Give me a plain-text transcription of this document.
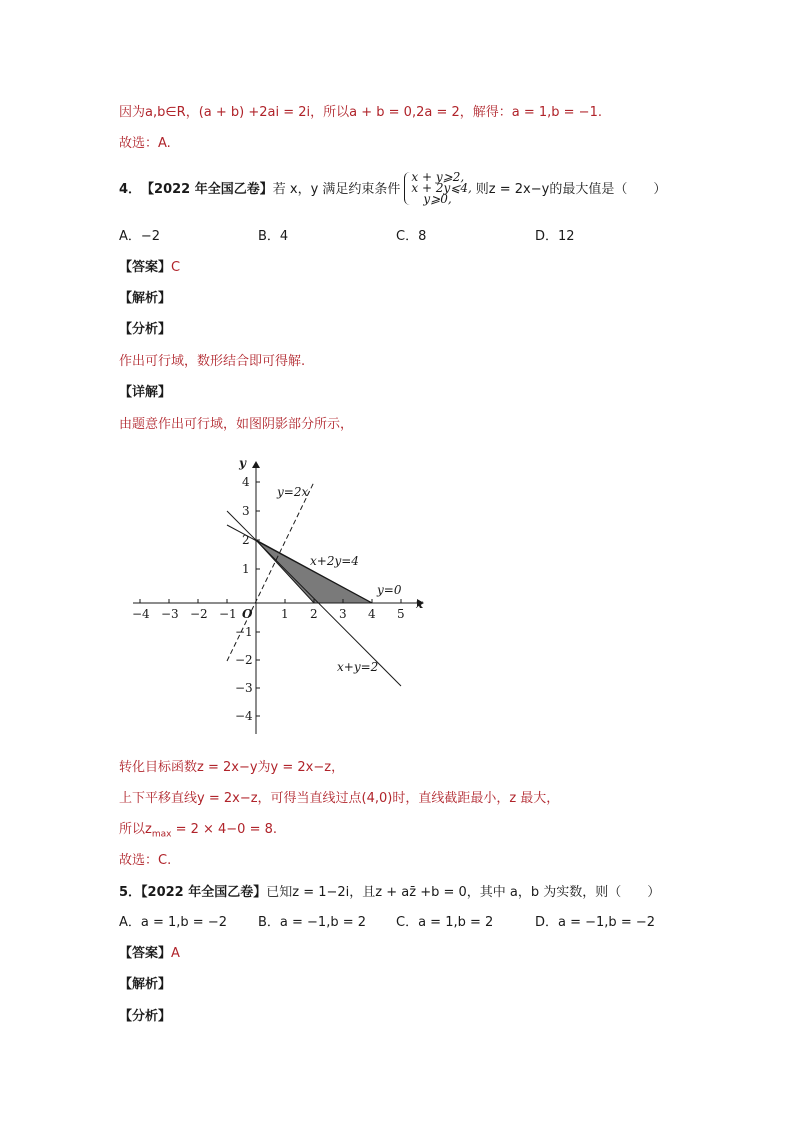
因为a,b∈R，(a + b) +2ai = 2i，所以a + b = 0,2a = 2，解得：a = 1,b = −1.
故选：A.
4． 【2022 年全国乙卷】 若 x，y 满足约束条件
x + y⩾2,
x + 2y⩽4,
y⩾0,
则z = 2x−y的最大值是（　　）
A．−2	B．4	C．8	D．12
【答案】C
【解析】
【分析】
作出可行域，数形结合即可得解.
【详解】
由题意作出可行域，如图阴影部分所示，
−4 −3 −2 −1	1 2 3 4 5
4
3
2
1
−1
−2
−3
−4
O
x
y
y=2x
x+2y=4
y=0
x+y=2
转化目标函数z = 2x−y为y = 2x−z，
上下平移直线y = 2x−z，可得当直线过点(4,0)时，直线截距最小，z 最大，
所以$z_{max} = 2 \times 4-0 = 8$.
故选：C.
5．【2022 年全国乙卷】已知z = 1−2i，且z + az̄ +b = 0，其中 a，b 为实数，则（　　）
A．a = 1,b = −2 B．a = −1,b = 2 C．a = 1,b = 2	D．a = −1,b = −2
【答案】A
【解析】
【分析】
